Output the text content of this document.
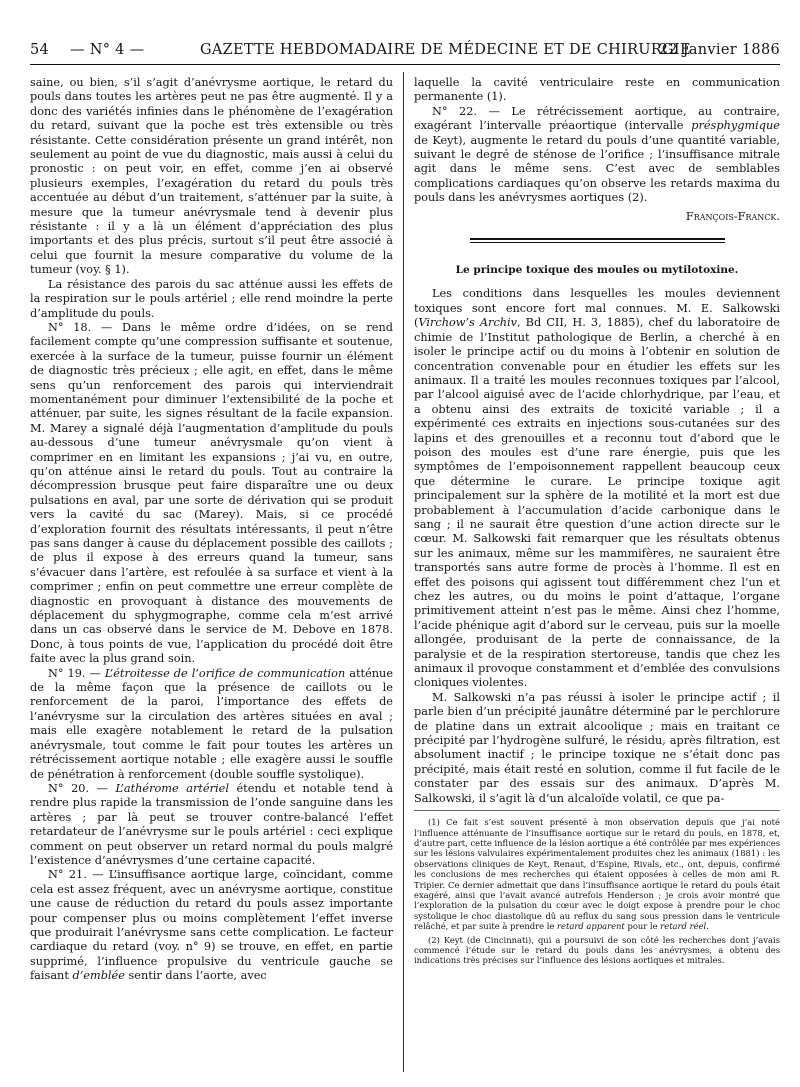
54 — N° 4 —	GAZETTE HEBDOMADAIRE DE MÉDECINE ET DE CHIRURGIE
22 Janvier 1886

saine, ou bien, s’il s’agit d’anévrysme aortique, le retard du pouls dans toutes les artères peut ne pas être augmenté. Il y a donc des variétés infinies dans le phénomène de l’exagération du retard, suivant que la poche est très extensible ou très résistante. Cette considération présente un grand intérêt, non seulement au point de vue du diagnostic, mais aussi à celui du pronostic : on peut voir, en effet, comme j’en ai observé plusieurs exemples, l’exagération du retard du pouls très accentuée au début d’un traitement, s’atténuer par la suite, à mesure que la tumeur anévrysmale tend à devenir plus résistante : il y a là un élément d’appréciation des plus importants et des plus précis, surtout s’il peut être associé à celui que fournit la mesure comparative du volume de la tumeur (voy. § 1).

La résistance des parois du sac atténue aussi les effets de la respiration sur le pouls artériel ; elle rend moindre la perte d’amplitude du pouls.

N° 18. — Dans le même ordre d’idées, on se rend facilement compte qu’une compression suffisante et soutenue, exercée à la surface de la tumeur, puisse fournir un élément de diagnostic très précieux ; elle agit, en effet, dans le même sens qu’un renforcement des parois qui interviendrait momentanément pour diminuer l’extensibilité de la poche et atténuer, par suite, les signes résultant de la facile expansion. M. Marey a signalé déjà l’augmentation d’amplitude du pouls au-dessous d’une tumeur anévrysmale qu’on vient à comprimer en en limitant les expansions ; j’ai vu, en outre, qu’on atténue ainsi le retard du pouls. Tout au contraire la décompression brusque peut faire disparaître une ou deux pulsations en aval, par une sorte de dérivation qui se produit vers la cavité du sac (Marey). Mais, si ce procédé d’exploration fournit des résultats intéressants, il peut n’être pas sans danger à cause du déplacement possible des caillots ; de plus il expose à des erreurs quand la tumeur, sans s’évacuer dans l’artère, est refoulée à sa surface et vient à la comprimer ; enfin on peut commettre une erreur complète de diagnostic en provoquant à distance des mouvements de déplacement du sphygmographe, comme cela m’est arrivé dans un cas observé dans le service de M. Debove en 1878. Donc, à tous points de vue, l’application du procédé doit être faite avec la plus grand soin.

N° 19. — L’étroitesse de l’orifice de communication atténue de la même façon que la présence de caillots ou le renforcement de la paroi, l’importance des effets de l’anévrysme sur la circulation des artères situées en aval ; mais elle exagère notablement le retard de la pulsation anévrysmale, tout comme le fait pour toutes les artères un rétrécissement aortique notable ; elle exagère aussi le souffle de pénétration à renforcement (double souffle systolique).

N° 20. — L’athérome artériel étendu et notable tend à rendre plus rapide la transmission de l’onde sanguine dans les artères ; par là peut se trouver contre-balancé l’effet retardateur de l’anévrysme sur le pouls artériel : ceci explique comment on peut observer un retard normal du pouls malgré l’existence d’anévrysmes d’une certaine capacité.

N° 21. — L’insuffisance aortique large, coïncidant, comme cela est assez fréquent, avec un anévrysme aortique, constitue une cause de réduction du retard du pouls assez importante pour compenser plus ou moins complètement l’effet inverse que produirait l’anévrysme sans cette complication. Le facteur cardiaque du retard (voy. n° 9) se trouve, en effet, en partie supprimé, l’influence propulsive du ventricule gauche se faisant d’emblée sentir dans l’aorte, avec

laquelle la cavité ventriculaire reste en communication permanente (1).

N° 22. — Le rétrécissement aortique, au contraire, exagérant l’intervalle préaortique (intervalle présphygmique de Keyt), augmente le retard du pouls d’une quantité variable, suivant le degré de sténose de l’orifice ; l’insuffisance mitrale agit dans le même sens. C’est avec de semblables complications cardiaques qu’on observe les retards maxima du pouls dans les anévrysmes aortiques (2).

François-Franck.
Le principe toxique des moules ou mytilotoxine.

Les conditions dans lesquelles les moules deviennent toxiques sont encore fort mal connues. M. E. Salkowski (Virchow’s Archiv, Bd CII, H. 3, 1885), chef du laboratoire de chimie de l’Institut pathologique de Berlin, a cherché à en isoler le principe actif ou du moins à l’obtenir en solution de concentration convenable pour en étudier les effets sur les animaux. Il a traité les moules reconnues toxiques par l’alcool, par l’alcool aiguisé avec de l’acide chlorhydrique, par l’eau, et a obtenu ainsi des extraits de toxicité variable ; il a expérimenté ces extraits en injections sous-cutanées sur des lapins et des grenouilles et a reconnu tout d’abord que le poison des moules est d’une rare énergie, puis que les symptômes de l’empoisonnement rappellent beaucoup ceux que détermine le curare. Le principe toxique agit principalement sur la sphère de la motilité et la mort est due probablement à l’accumulation d’acide carbonique dans le sang ; il ne saurait être question d’une action directe sur le cœur. M. Salkowski fait remarquer que les résultats obtenus sur les animaux, même sur les mammifères, ne sauraient être transportés sans autre forme de procès à l’homme. Il est en effet des poisons qui agissent tout différemment chez l’un et chez les autres, ou du moins le point d’attaque, l’organe primitivement atteint n’est pas le même. Ainsi chez l’homme, l’acide phénique agit d’abord sur le cerveau, puis sur la moelle allongée, produisant de la perte de connaissance, de la paralysie et de la respiration stertoreuse, tandis que chez les animaux il provoque constamment et d’emblée des convulsions cloniques violentes.

M. Salkowski n’a pas réussi à isoler le principe actif ; il parle bien d’un précipité jaunâtre déterminé par le perchlorure de platine dans un extrait alcoolique ; mais en traitant ce précipité par l’hydrogène sulfuré, le résidu, après filtration, est absolument inactif ; le principe toxique ne s’était donc pas précipité, mais était resté en solution, comme il fut facile de le constater par des essais sur des animaux. D’après M. Salkowski, il s’agit là d’un alcaloïde volatil, ce que pa-

(1) Ce fait s’est souvent présenté à mon observation depuis que j’ai noté l’influence atténuante de l’insuffisance aortique sur le retard du pouls, en 1878, et, d’autre part, cette influence de la lésion aortique a été contrôlée par mes expériences sur les lésions valvulaires expérimentalement produites chez les animaux (1881) : les observations cliniques de Keyt, Renaut, d’Espine, Rivals, etc., ont, depuis, confirmé les conclusions de mes recherches qui étaient opposées à celles de mon ami R. Tripier. Ce dernier admettait que dans l’insuffisance aortique le retard du pouls était exagéré, ainsi que l’avait avancé autrefois Henderson ; je crois avoir montré que l’exploration de la pulsation du cœur avec le doigt expose à prendre pour le choc systolique le choc diastolique dû au reflux du sang sous pression dans le ventricule relâché, et par suite à prendre le retard apparent pour le retard réel.
(2) Keyt (de Cincinnati), qui a poursuivi de son côté les recherches dont j’avais commencé l’étude sur le retard du pouls dans les anévrysmes, a obtenu des indications très précises sur l’influence des lésions aortiques et mitrales.
